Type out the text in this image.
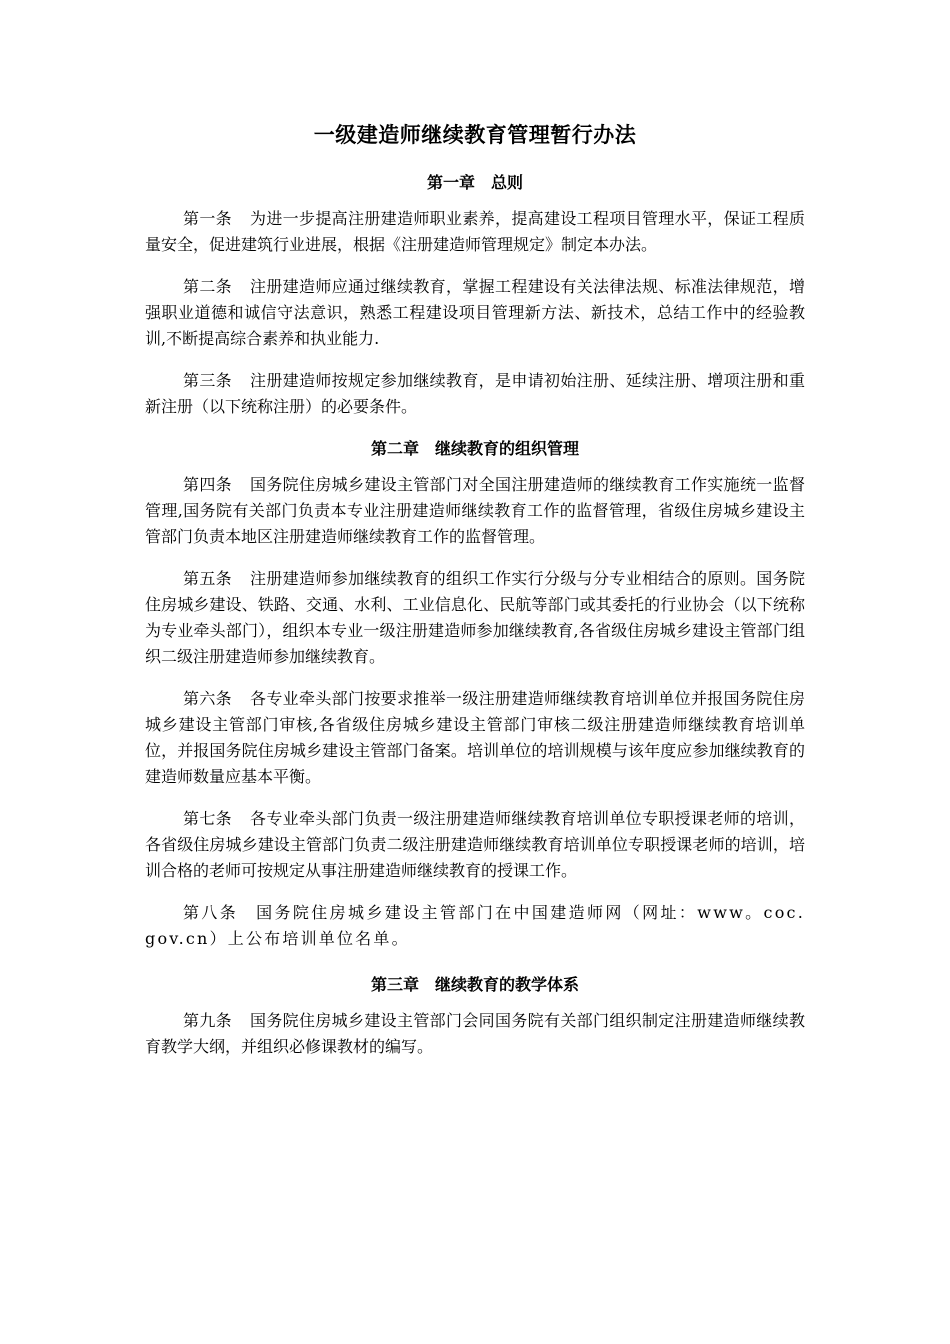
一级建造师继续教育管理暂行办法
第一章　总则

第一条 为进一步提高注册建造师职业素养，提高建设工程项目管理水平，保证工程质量安全，促进建筑行业进展，根据《注册建造师管理规定》制定本办法。

第二条 注册建造师应通过继续教育，掌握工程建设有关法律法规、标准法律规范，增强职业道德和诚信守法意识，熟悉工程建设项目管理新方法、新技术，总结工作中的经验教训,不断提高综合素养和执业能力.

第三条 注册建造师按规定参加继续教育，是申请初始注册、延续注册、增项注册和重新注册（以下统称注册）的必要条件。

第二章　继续教育的组织管理

第四条 国务院住房城乡建设主管部门对全国注册建造师的继续教育工作实施统一监督管理,国务院有关部门负责本专业注册建造师继续教育工作的监督管理，省级住房城乡建设主管部门负责本地区注册建造师继续教育工作的监督管理。

第五条 注册建造师参加继续教育的组织工作实行分级与分专业相结合的原则。国务院住房城乡建设、铁路、交通、水利、工业信息化、民航等部门或其委托的行业协会（以下统称为专业牵头部门），组织本专业一级注册建造师参加继续教育,各省级住房城乡建设主管部门组织二级注册建造师参加继续教育。

第六条 各专业牵头部门按要求推举一级注册建造师继续教育培训单位并报国务院住房城乡建设主管部门审核,各省级住房城乡建设主管部门审核二级注册建造师继续教育培训单位，并报国务院住房城乡建设主管部门备案。培训单位的培训规模与该年度应参加继续教育的建造师数量应基本平衡。

第七条 各专业牵头部门负责一级注册建造师继续教育培训单位专职授课老师的培训，各省级住房城乡建设主管部门负责二级注册建造师继续教育培训单位专职授课老师的培训，培训合格的老师可按规定从事注册建造师继续教育的授课工作。

第八条 国务院住房城乡建设主管部门在中国建造师网（网址：www。coc.gov.cn）上公布培训单位名单。

第三章　继续教育的教学体系

第九条 国务院住房城乡建设主管部门会同国务院有关部门组织制定注册建造师继续教育教学大纲，并组织必修课教材的编写。
